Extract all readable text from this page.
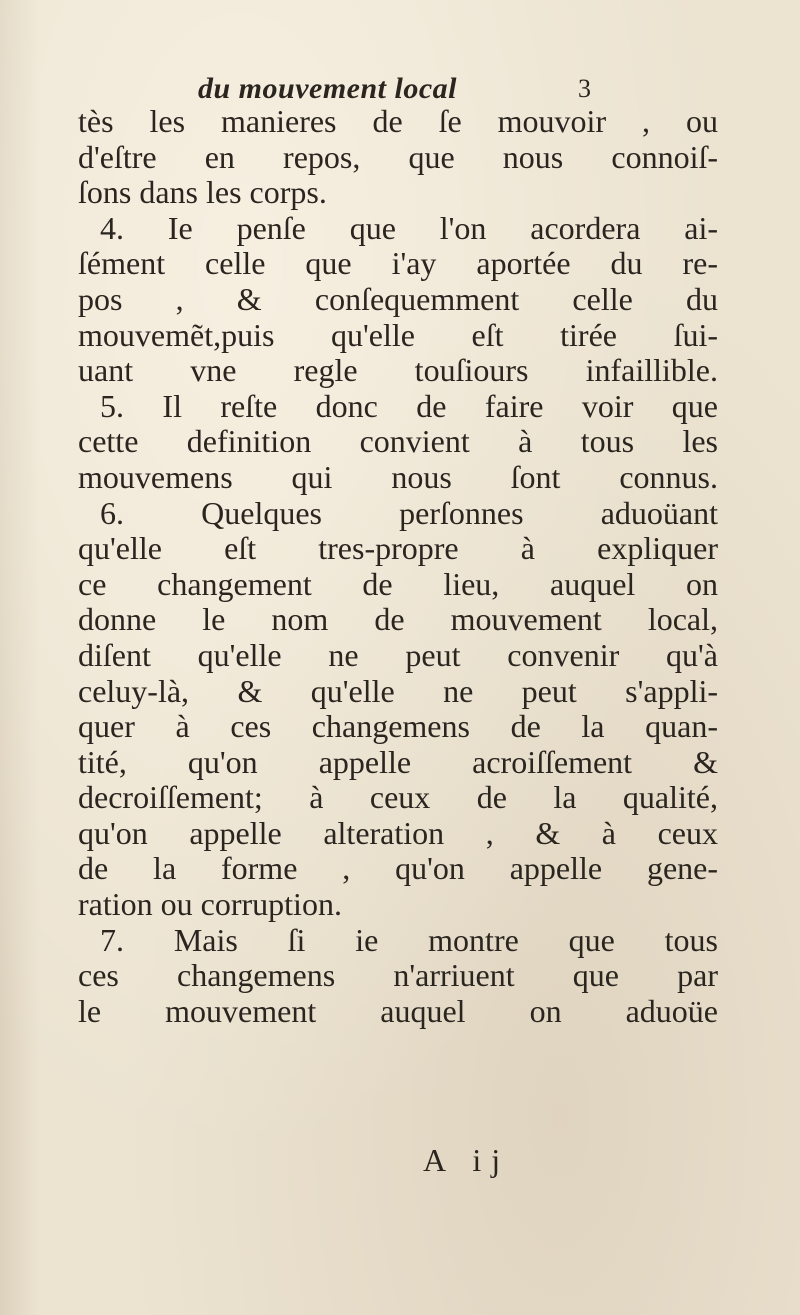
du mouvement local	3
tès les manieres de ſe mouvoir , ou
d'eſtre en repos, que nous connoiſ-
ſons dans les corps.
4. Ie penſe que l'on acordera ai-
ſément celle que i'ay aportée du re-
pos , & conſequemment celle du
mouvemẽt,puis qu'elle eſt tirée ſui-
uant vne regle touſiours infaillible.
5. Il reſte donc de faire voir que
cette definition convient à tous les
mouvemens qui nous ſont connus.
6. Quelques perſonnes aduoüant
qu'elle eſt tres-propre à expliquer
ce changement de lieu, auquel on
donne le nom de mouvement local,
diſent qu'elle ne peut convenir qu'à
celuy-là, & qu'elle ne peut s'appli-
quer à ces changemens de la quan-
tité, qu'on appelle acroiſſement &
decroiſſement; à ceux de la qualité,
qu'on appelle alteration , & à ceux
de la forme , qu'on appelle gene-
ration ou corruption.
7. Mais ſi ie montre que tous
ces changemens n'arriuent que par
le mouvement auquel on aduoüe
A ij
